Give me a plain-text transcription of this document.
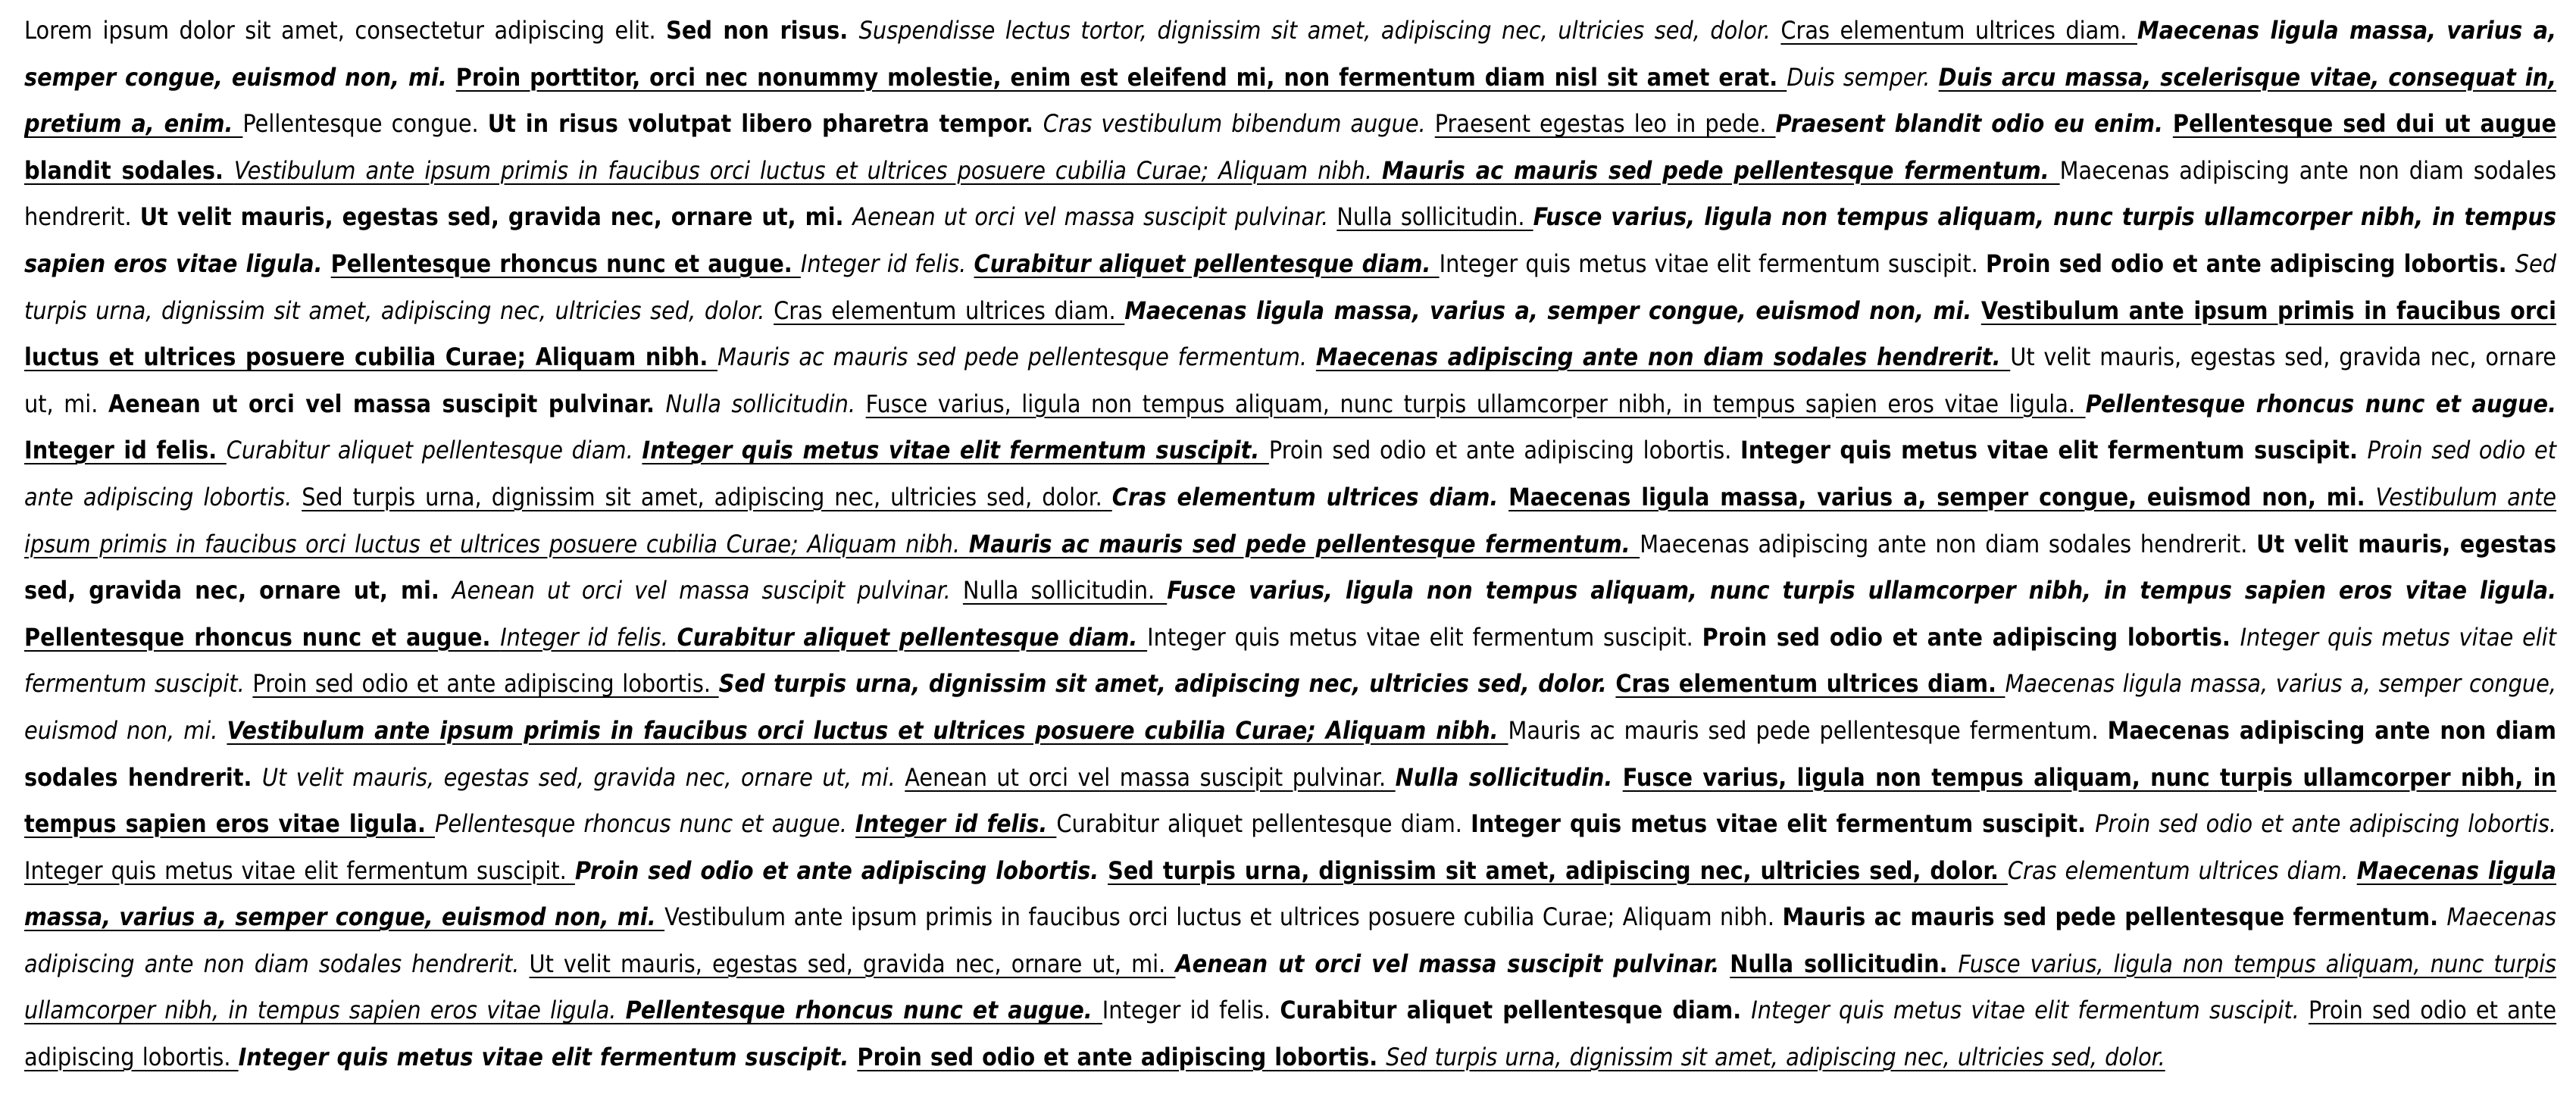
Lorem ipsum dolor sit amet, consectetur adipiscing elit. Sed non risus. Suspendisse lectus tortor, dignissim sit amet, adipiscing nec, ultricies sed, dolor. Cras elementum ultrices diam. Maecenas ligula massa, varius a, semper congue, euismod non, mi. Proin porttitor, orci nec nonummy molestie, enim est eleifend mi, non fermentum diam nisl sit amet erat. Duis semper. Duis arcu massa, scelerisque vitae, consequat in, pretium a, enim. Pellentesque congue. Ut in risus volutpat libero pharetra tempor. Cras vestibulum bibendum augue. Praesent egestas leo in pede. Praesent blandit odio eu enim. Pellentesque sed dui ut augue blandit sodales. Vestibulum ante ipsum primis in faucibus orci luctus et ultrices posuere cubilia Curae; Aliquam nibh. Mauris ac mauris sed pede pellentesque fermentum. Maecenas adipiscing ante non diam sodales hendrerit. Ut velit mauris, egestas sed, gravida nec, ornare ut, mi. Aenean ut orci vel massa suscipit pulvinar. Nulla sollicitudin. Fusce varius, ligula non tempus aliquam, nunc turpis ullamcorper nibh, in tempus sapien eros vitae ligula. Pellentesque rhoncus nunc et augue. Integer id felis. Curabitur aliquet pellentesque diam. Integer quis metus vitae elit fermentum suscipit. Proin sed odio et ante adipiscing lobortis. Sed turpis urna, dignissim sit amet, adipiscing nec, ultricies sed, dolor. Cras elementum ultrices diam. Maecenas ligula massa, varius a, semper congue, euismod non, mi. Vestibulum ante ipsum primis in faucibus orci luctus et ultrices posuere cubilia Curae; Aliquam nibh. Mauris ac mauris sed pede pellentesque fermentum. Maecenas adipiscing ante non diam sodales hendrerit. Ut velit mauris, egestas sed, gravida nec, ornare ut, mi. Aenean ut orci vel massa suscipit pulvinar. Nulla sollicitudin. Fusce varius, ligula non tempus aliquam, nunc turpis ullamcorper nibh, in tempus sapien eros vitae ligula. Pellentesque rhoncus nunc et augue. Integer id felis. Curabitur aliquet pellentesque diam. Integer quis metus vitae elit fermentum suscipit. Proin sed odio et ante adipiscing lobortis. Integer quis metus vitae elit fermentum suscipit. Proin sed odio et ante adipiscing lobortis. Sed turpis urna, dignissim sit amet, adipiscing nec, ultricies sed, dolor. Cras elementum ultrices diam. Maecenas ligula massa, varius a, semper congue, euismod non, mi. Vestibulum ante ipsum primis in faucibus orci luctus et ultrices posuere cubilia Curae; Aliquam nibh. Mauris ac mauris sed pede pellentesque fermentum. Maecenas adipiscing ante non diam sodales hendrerit. Ut velit mauris, egestas sed, gravida nec, ornare ut, mi. Aenean ut orci vel massa suscipit pulvinar. Nulla sollicitudin. Fusce varius, ligula non tempus aliquam, nunc turpis ullamcorper nibh, in tempus sapien eros vitae ligula. Pellentesque rhoncus nunc et augue. Integer id felis. Curabitur aliquet pellentesque diam. Integer quis metus vitae elit fermentum suscipit. Proin sed odio et ante adipiscing lobortis. Integer quis metus vitae elit fermentum suscipit. Proin sed odio et ante adipiscing lobortis. Sed turpis urna, dignissim sit amet, adipiscing nec, ultricies sed, dolor. Cras elementum ultrices diam. Maecenas ligula massa, varius a, semper congue, euismod non, mi. Vestibulum ante ipsum primis in faucibus orci luctus et ultrices posuere cubilia Curae; Aliquam nibh. Mauris ac mauris sed pede pellentesque fermentum. Maecenas adipiscing ante non diam sodales hendrerit. Ut velit mauris, egestas sed, gravida nec, ornare ut, mi. Aenean ut orci vel massa suscipit pulvinar. Nulla sollicitudin. Fusce varius, ligula non tempus aliquam, nunc turpis ullamcorper nibh, in tempus sapien eros vitae ligula. Pellentesque rhoncus nunc et augue. Integer id felis. Curabitur aliquet pellentesque diam. Integer quis metus vitae elit fermentum suscipit. Proin sed odio et ante adipiscing lobortis. Integer quis metus vitae elit fermentum suscipit. Proin sed odio et ante adipiscing lobortis. Sed turpis urna, dignissim sit amet, adipiscing nec, ultricies sed, dolor. Cras elementum ultrices diam. Maecenas ligula massa, varius a, semper congue, euismod non, mi. Vestibulum ante ipsum primis in faucibus orci luctus et ultrices posuere cubilia Curae; Aliquam nibh. Mauris ac mauris sed pede pellentesque fermentum. Maecenas adipiscing ante non diam sodales hendrerit. Ut velit mauris, egestas sed, gravida nec, ornare ut, mi. Aenean ut orci vel massa suscipit pulvinar. Nulla sollicitudin. Fusce varius, ligula non tempus aliquam, nunc turpis ullamcorper nibh, in tempus sapien eros vitae ligula. Pellentesque rhoncus nunc et augue. Integer id felis. Curabitur aliquet pellentesque diam. Integer quis metus vitae elit fermentum suscipit. Proin sed odio et ante adipiscing lobortis. Integer quis metus vitae elit fermentum suscipit. Proin sed odio et ante adipiscing lobortis. Sed turpis urna, dignissim sit amet, adipiscing nec, ultricies sed, dolor.
